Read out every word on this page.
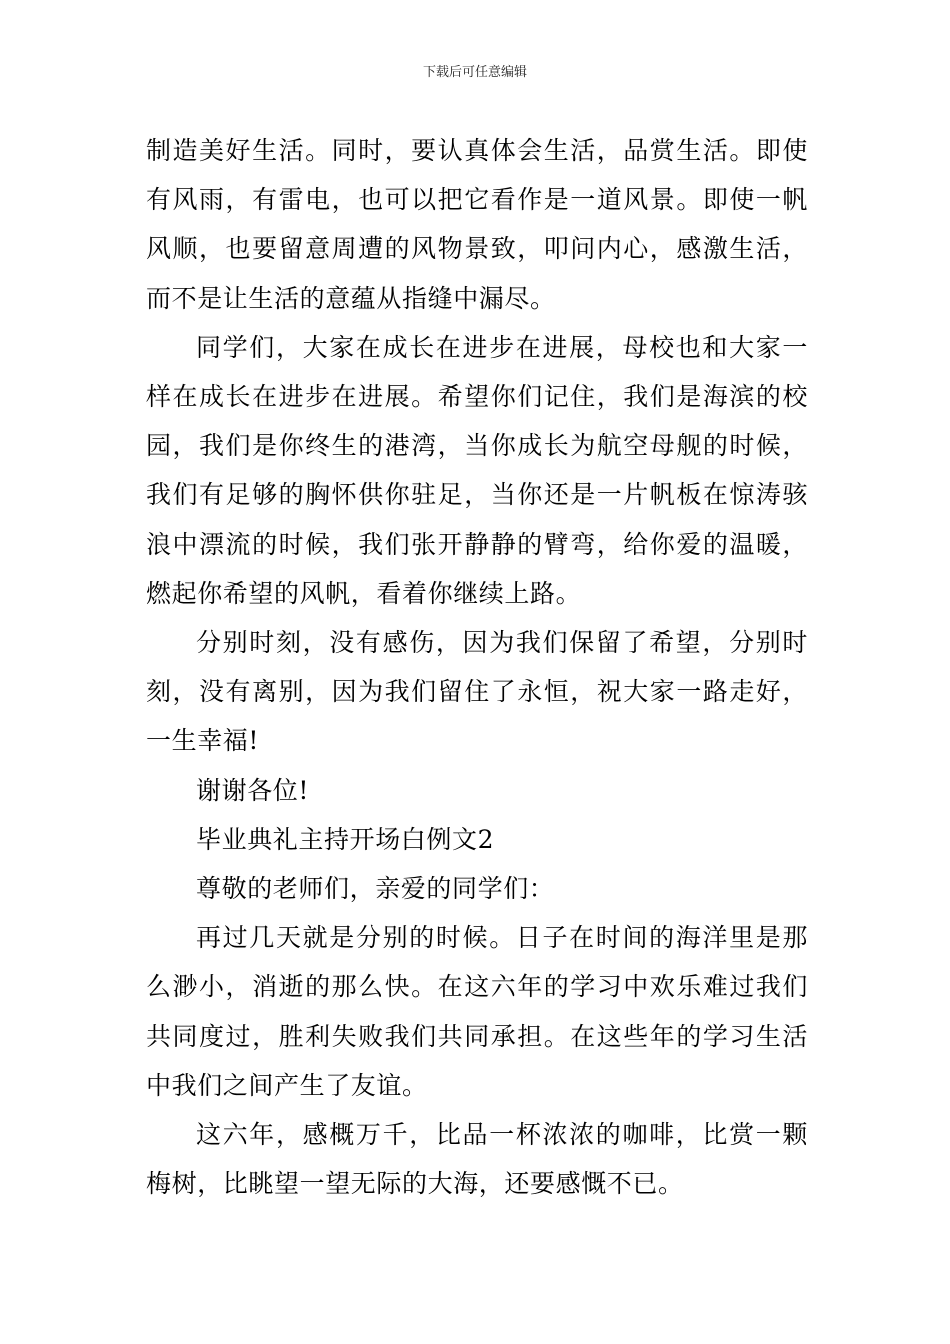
下载后可任意编辑

制造美好生活。同时，要认真体会生活，品赏生活。即使有风雨，有雷电，也可以把它看作是一道风景。即使一帆风顺，也要留意周遭的风物景致，叩问内心，感激生活，而不是让生活的意蕴从指缝中漏尽。

同学们，大家在成长在进步在进展，母校也和大家一样在成长在进步在进展。希望你们记住，我们是海滨的校园，我们是你终生的港湾，当你成长为航空母舰的时候，我们有足够的胸怀供你驻足，当你还是一片帆板在惊涛骇浪中漂流的时候，我们张开静静的臂弯，给你爱的温暖，燃起你希望的风帆，看着你继续上路。

分别时刻，没有感伤，因为我们保留了希望，分别时刻，没有离别，因为我们留住了永恒，祝大家一路走好，一生幸福!

谢谢各位!

毕业典礼主持开场白例文2

尊敬的老师们，亲爱的同学们：

再过几天就是分别的时候。日子在时间的海洋里是那么渺小，消逝的那么快。在这六年的学习中欢乐难过我们共同度过，胜利失败我们共同承担。在这些年的学习生活中我们之间产生了友谊。

这六年，感概万千，比品一杯浓浓的咖啡，比赏一颗梅树，比眺望一望无际的大海，还要感慨不已。
